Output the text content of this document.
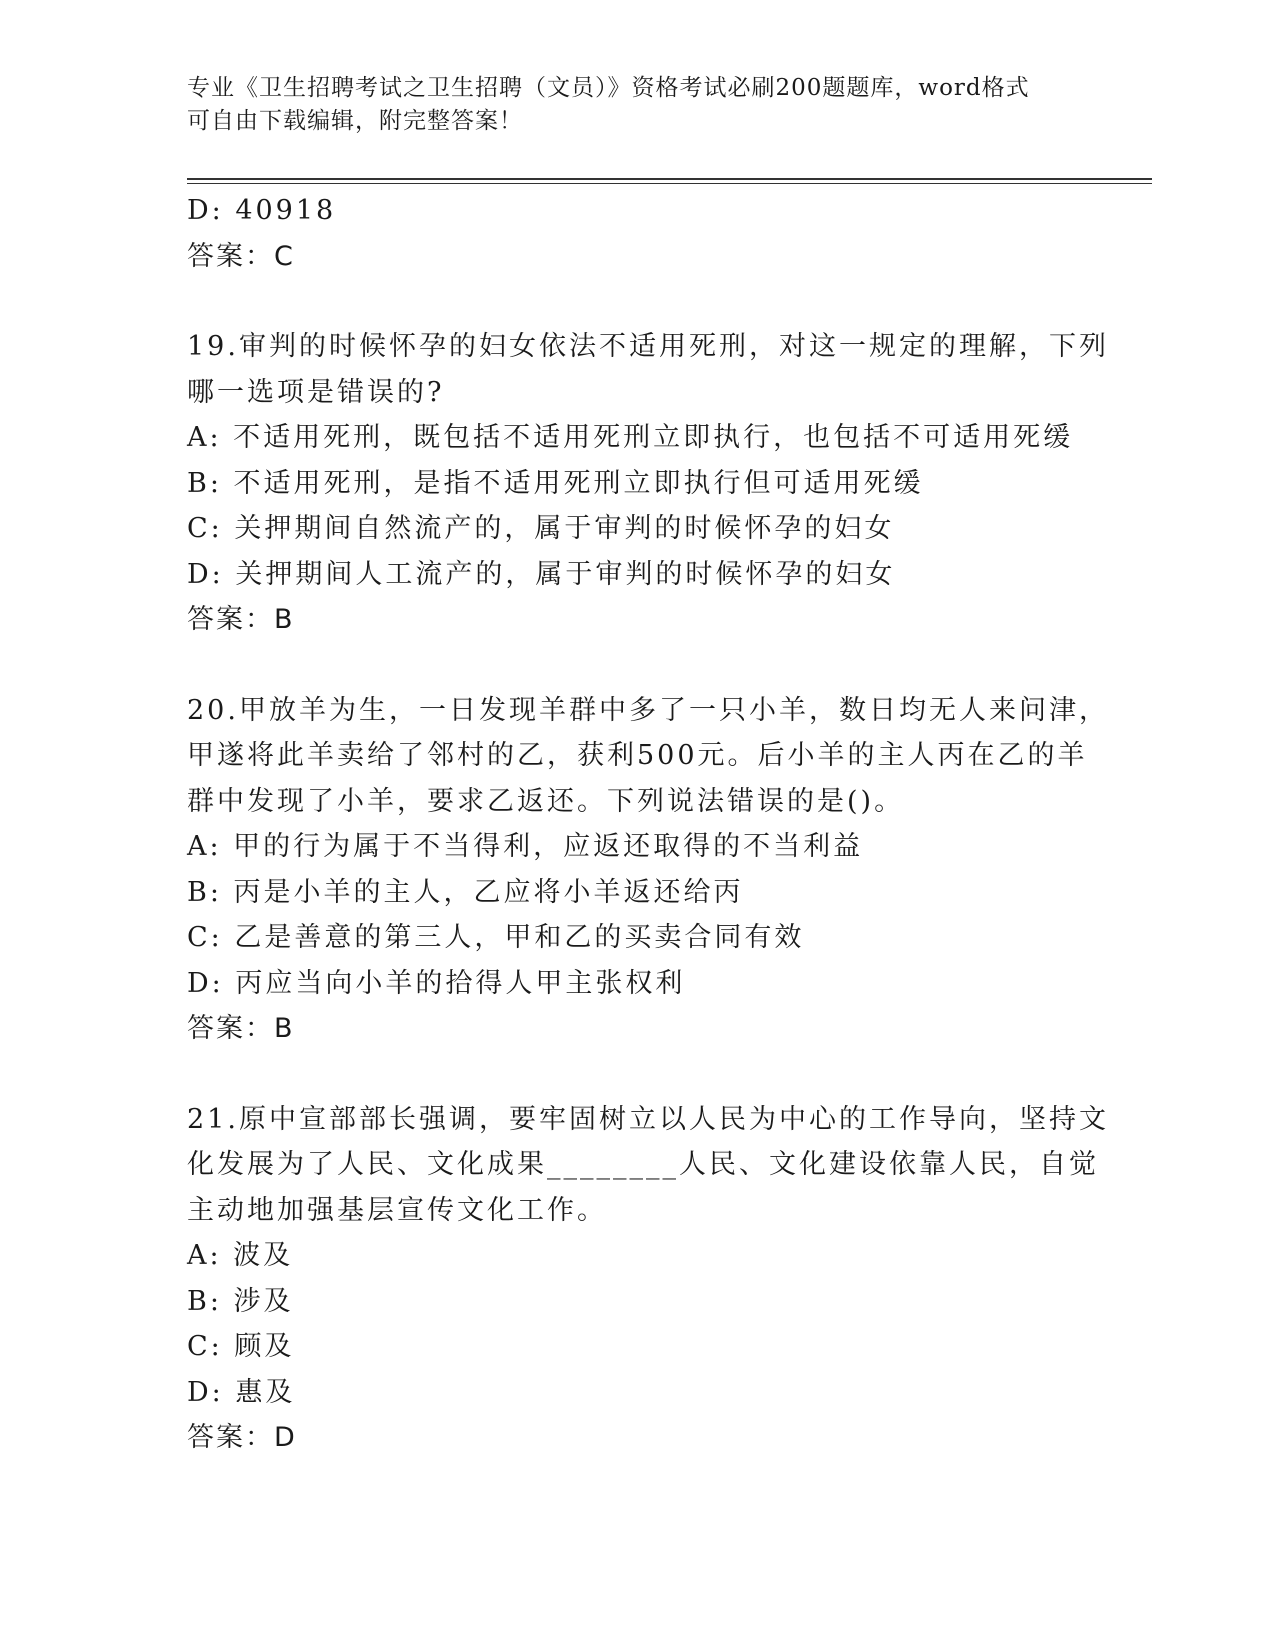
专业《卫生招聘考试之卫生招聘（文员）》资格考试必刷200题题库，word格式
可自由下载编辑，附完整答案！
D: 40918
答案：C
19.审判的时候怀孕的妇女依法不适用死刑，对这一规定的理解，下列
哪一选项是错误的?
A: 不适用死刑，既包括不适用死刑立即执行，也包括不可适用死缓
B: 不适用死刑，是指不适用死刑立即执行但可适用死缓
C: 关押期间自然流产的，属于审判的时候怀孕的妇女
D: 关押期间人工流产的，属于审判的时候怀孕的妇女
答案：B
20.甲放羊为生，一日发现羊群中多了一只小羊，数日均无人来问津，
甲遂将此羊卖给了邻村的乙，获利500元。后小羊的主人丙在乙的羊
群中发现了小羊，要求乙返还。下列说法错误的是()。
A: 甲的行为属于不当得利，应返还取得的不当利益
B: 丙是小羊的主人，乙应将小羊返还给丙
C: 乙是善意的第三人，甲和乙的买卖合同有效
D: 丙应当向小羊的拾得人甲主张权利
答案：B
21.原中宣部部长强调，要牢固树立以人民为中心的工作导向，坚持文
化发展为了人民、文化成果________人民、文化建设依靠人民，自觉
主动地加强基层宣传文化工作。
A: 波及
B: 涉及
C: 顾及
D: 惠及
答案：D
